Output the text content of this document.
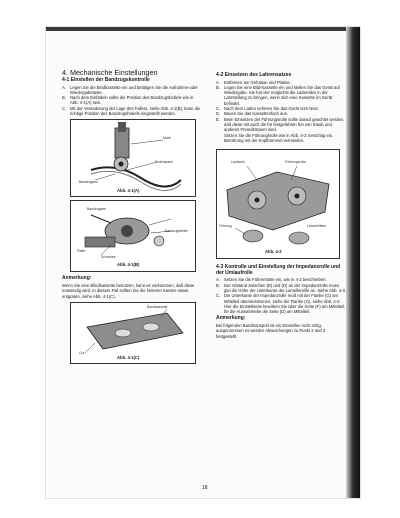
4. Mechanische Einstellungen
4-1 Einstellen der Bandzugskontrolle
A. Legen Sie die Bindkassette ein und betätigen Sie die Aufnahme-oder Wiedergabetaste.
B. Nach dem Einfädeln sollte die Position des Bandzugshebels wie in Abb. 4-1(A) sein.
C. Mit der Veränderung der Lage des Fallers, siehe Abb. 4-1(B), kann die richtige Position des Bandzugshebels eingestellt werden.
Mark
Bandzugarm
Federspann
Abb. 4-1(A)
Bandzugarm
Schraube
Bandzugsfeder
Faller
Abb. 4-1(B)
Anmerkung:

Wenn Sie eine Blindkassette benutzen, kann es vorkommen, daß diese notwendig wird. In diesem Fall sollten Sie die hinteren Kanten etwas entgraten, siehe Abb. 4-1(C).

Bandkassette
Cut
Abb. 4-1(C)
4-2 Einsetzen des Lahrensatzes
A. Entfernen Sie Gehäuse und Platine.
B. Legen Sie eine Bild-Kassette ein und stellen Sie das Gerät auf Wiedergabe. Sie hat vier möglichst die Laderollen in der Lahrstellung zu bringen, wenn sich eine Kassette im Gerät befindet.
C. Nach dem Laden nehmen Sie das Gerät vom Netz.
D. Bauen Sie das Kassettenfach aus.
E. Beim Einsetzen der Führungsrolle sollte darauf geachtet werden, daß diese mit auch die für festgefahren frei von Staub und anderen Fremdkörpern sind.

Setzen Sie die Führungsrolle wie in Abb. 4-2 vorsichtig ein. Berührung mit der Kopftrommel vermeiden.

Laufwerk	Führungsrolle
Führung	Lahrschlitten
Abb. 4-2
4-3 Kontrolle und Einstellung der Impedanzrolle und der Umlaufrolle
A. Setzen Sie die Führerstüse ein, wie in 4-2 beschrieben.
B. Der Abstand zwischen (B) und (D) an der Impedanzrolle muss glei die Höhe der Unterkante der Lamellenrille an. Siehe Abb. 4-3.
C. Die Unterkante der Impedanzrolle muß mit der Flanke (G) am Mittelteil übereinstimmen, siehe die Flanke (G), siehe Abb. 4-3. Hier die Einstellseite bewirken Sie über die Seite (F) am Mittelteil, für die Ausnahmebe die Seite (D) am Mittelteil.
Anmerkung:

Bei folgenden Bandtransport ist ein Einstellen nicht nötig, ausgenommen es werden Abweichungen zu Punkt 2 und 3 festgestellt.

18
